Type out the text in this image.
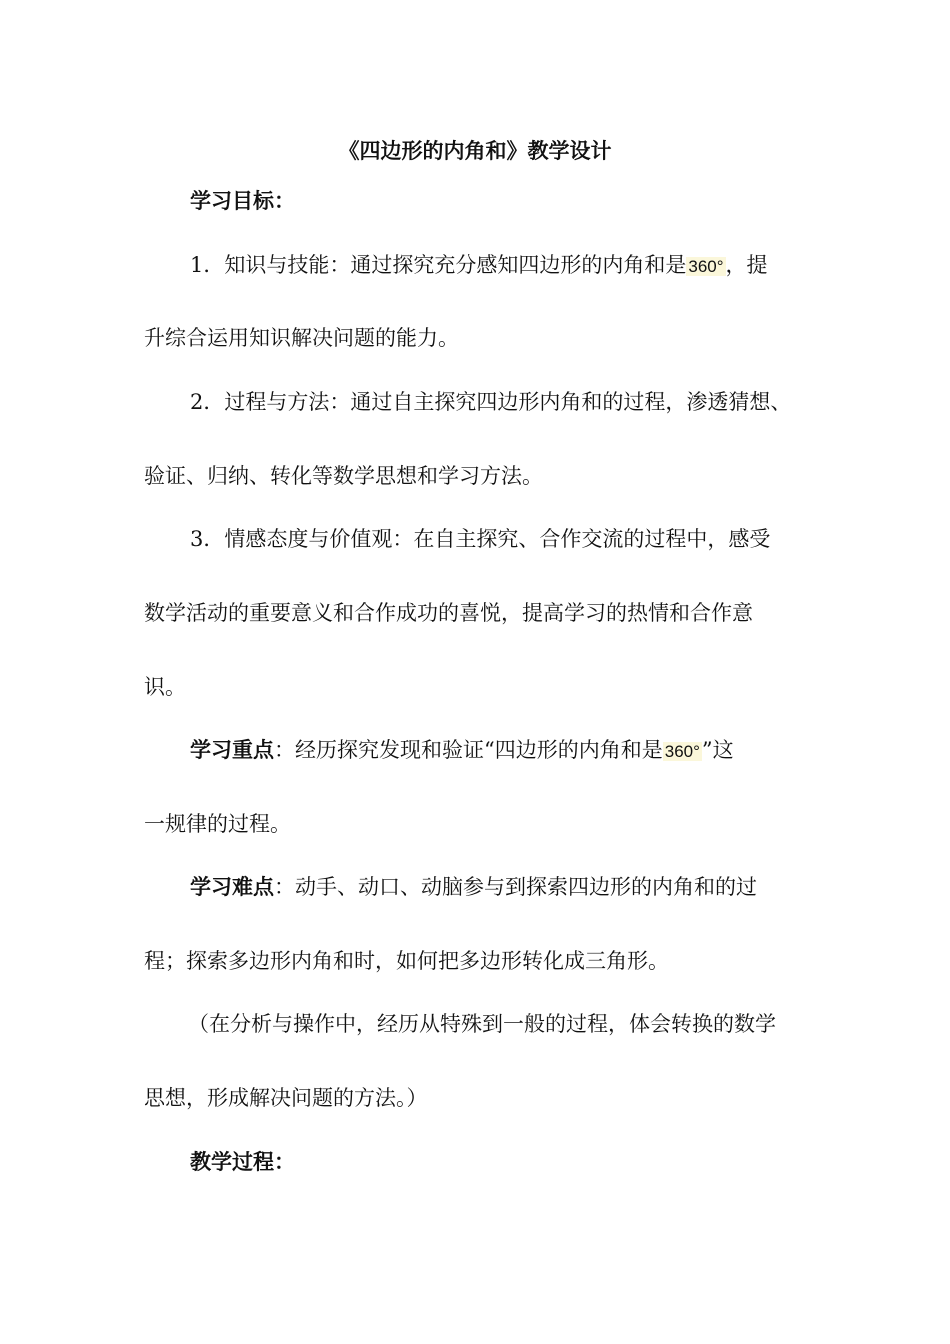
《四边形的内角和》教学设计
学习目标：
1．知识与技能：通过探究充分感知四边形的内角和是 360°，提
升综合运用知识解决问题的能力。
2．过程与方法：通过自主探究四边形内角和的过程，渗透猜想、
验证、归纳、转化等数学思想和学习方法。
3．情感态度与价值观：在自主探究、合作交流的过程中，感受
数学活动的重要意义和合作成功的喜悦，提高学习的热情和合作意
识。
学习重点：经历探究发现和验证“四边形的内角和是 360°”这
一规律的过程。
学习难点：动手、动口、动脑参与到探索四边形的内角和的过
程；探索多边形内角和时，如何把多边形转化成三角形。
（在分析与操作中，经历从特殊到一般的过程，体会转换的数学
思想，形成解决问题的方法。）
教学过程：
